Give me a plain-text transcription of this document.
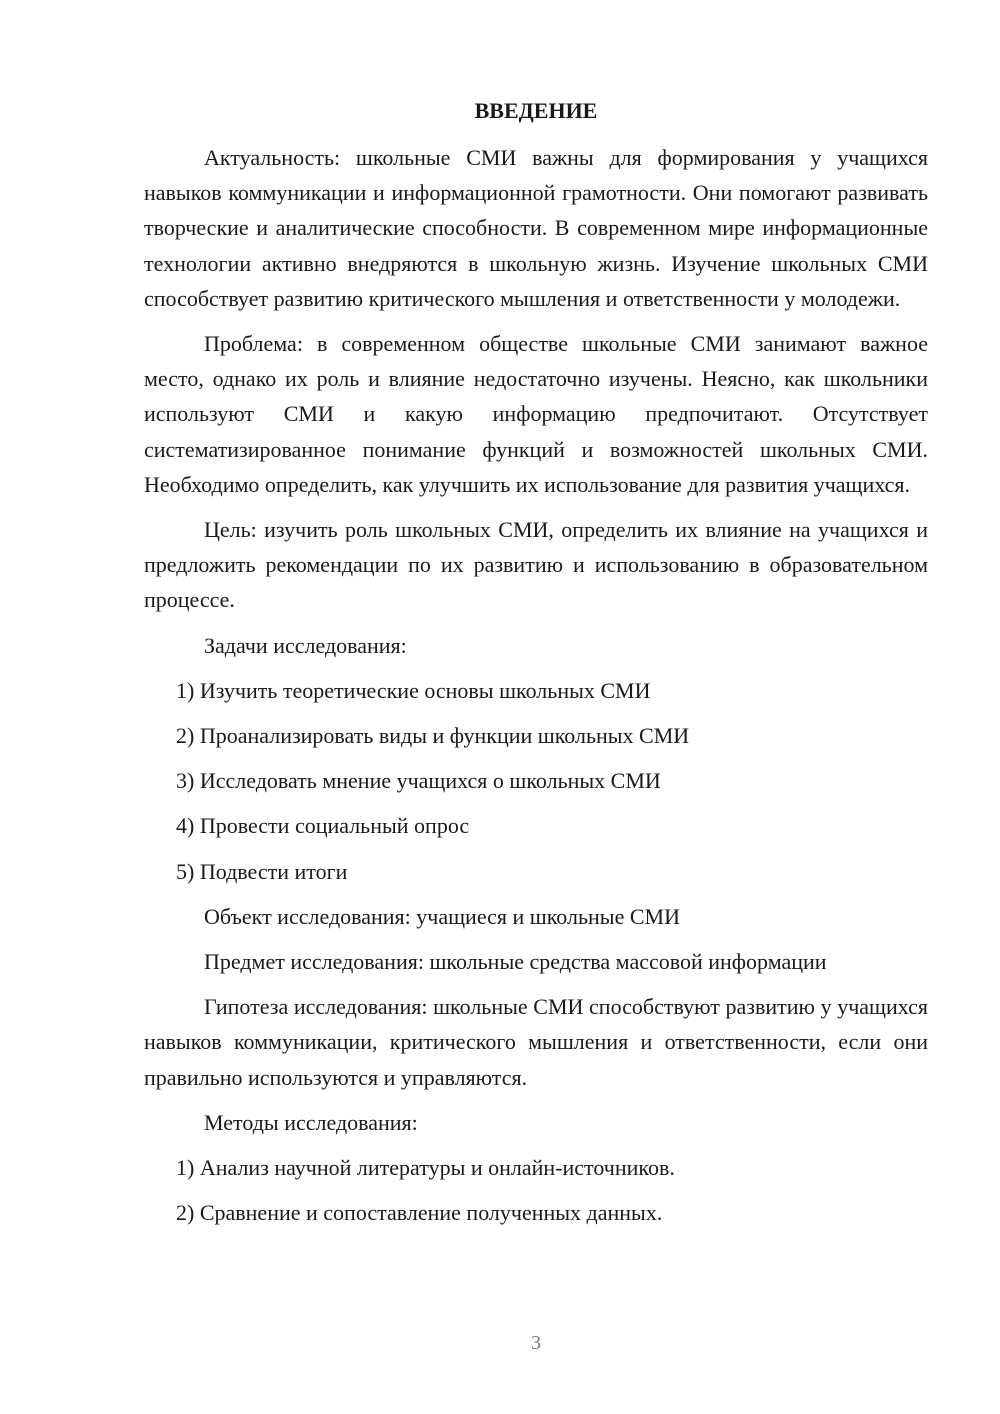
ВВЕДЕНИЕ

Актуальность: школьные СМИ важны для формирования у учащихся навыков коммуникации и информационной грамотности. Они помогают развивать творческие и аналитические способности. В современном мире информационные технологии активно внедряются в школьную жизнь. Изучение школьных СМИ способствует развитию критического мышления и ответственности у молодежи.

Проблема: в современном обществе школьные СМИ занимают важное место, однако их роль и влияние недостаточно изучены. Неясно, как школьники используют СМИ и какую информацию предпочитают. Отсутствует систематизированное понимание функций и возможностей школьных СМИ. Необходимо определить, как улучшить их использование для развития учащихся.

Цель: изучить роль школьных СМИ, определить их влияние на учащихся и предложить рекомендации по их развитию и использованию в образовательном процессе.

Задачи исследования:

1) Изучить теоретические основы школьных СМИ

2) Проанализировать виды и функции школьных СМИ

3) Исследовать мнение учащихся о школьных СМИ

4) Провести социальный опрос

5) Подвести итоги

Объект исследования: учащиеся и школьные СМИ

Предмет исследования: школьные средства массовой информации

Гипотеза исследования: школьные СМИ способствуют развитию у учащихся навыков коммуникации, критического мышления и ответственности, если они правильно используются и управляются.

Методы исследования:

1) Анализ научной литературы и онлайн-источников.

2) Сравнение и сопоставление полученных данных.

3
